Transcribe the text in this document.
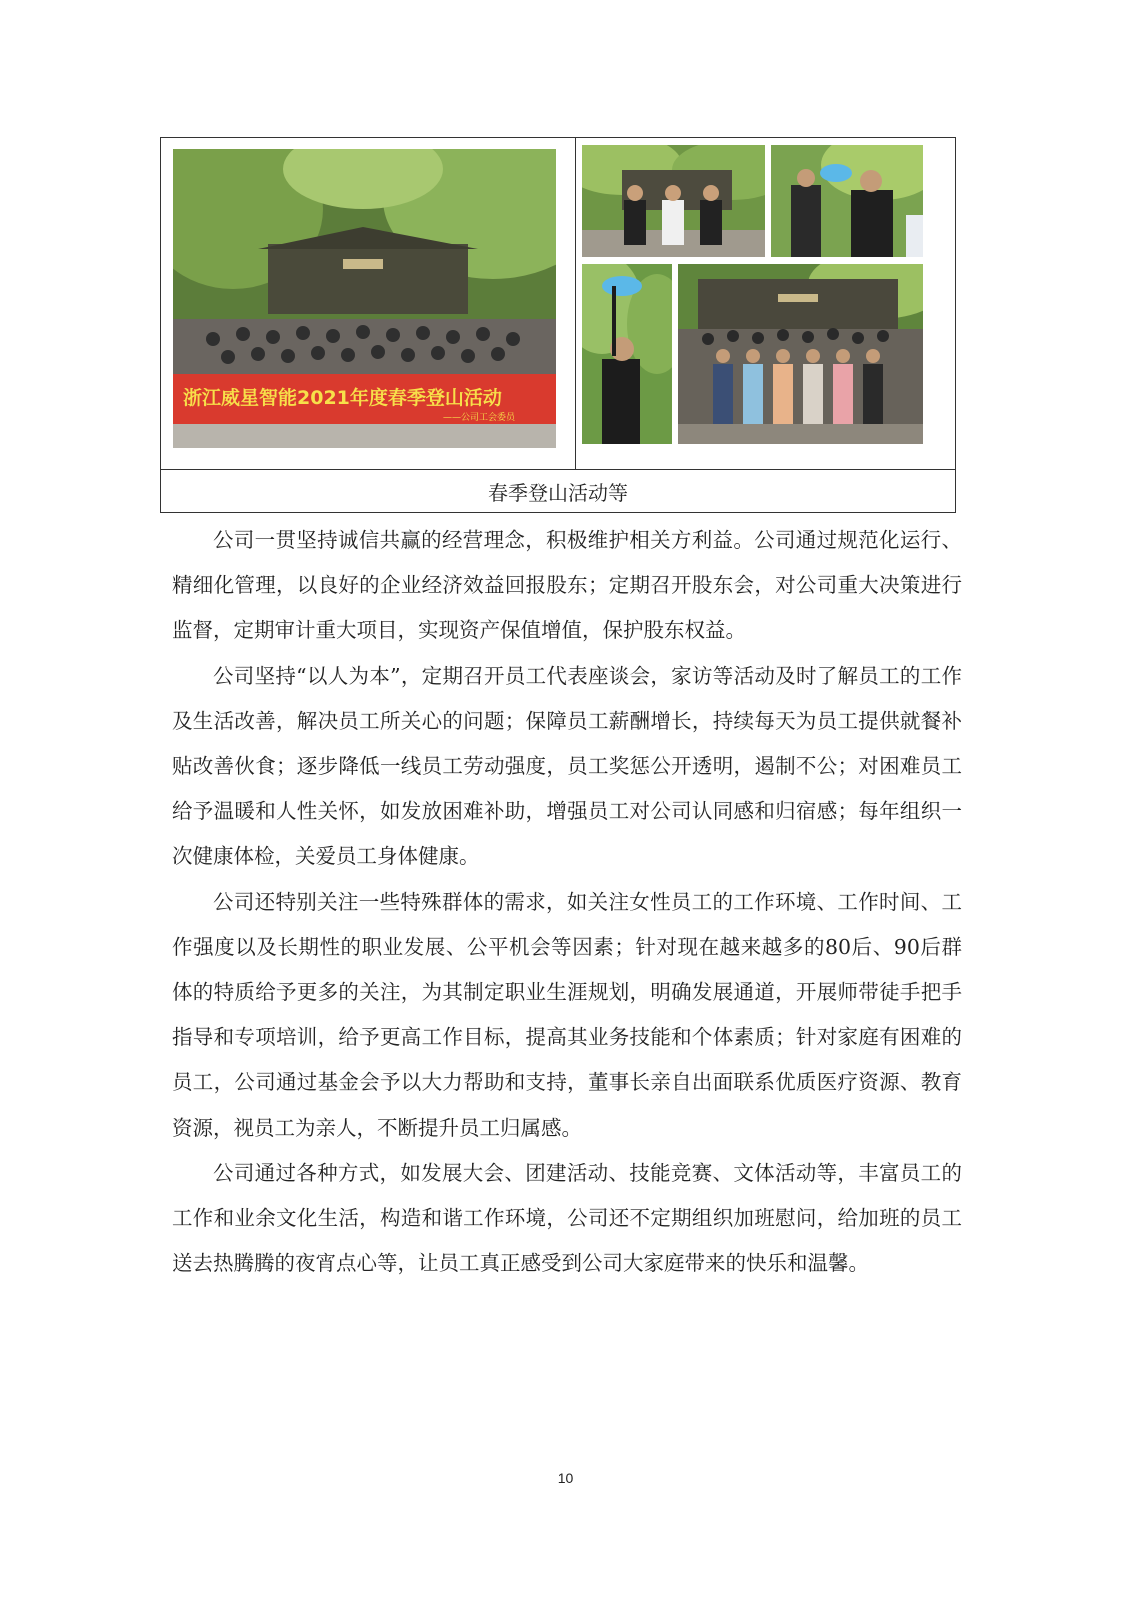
浙江威星智能2021年度春季登山活动
——公司工会委员
春季登山活动等

公司一贯坚持诚信共赢的经营理念，积极维护相关方利益。公司通过规范化运行、精细化管理，以良好的企业经济效益回报股东；定期召开股东会，对公司重大决策进行监督，定期审计重大项目，实现资产保值增值，保护股东权益。

公司坚持“以人为本”，定期召开员工代表座谈会，家访等活动及时了解员工的工作及生活改善，解决员工所关心的问题；保障员工薪酬增长，持续每天为员工提供就餐补贴改善伙食；逐步降低一线员工劳动强度，员工奖惩公开透明，遏制不公；对困难员工给予温暖和人性关怀，如发放困难补助，增强员工对公司认同感和归宿感；每年组织一次健康体检，关爱员工身体健康。

公司还特别关注一些特殊群体的需求，如关注女性员工的工作环境、工作时间、工作强度以及长期性的职业发展、公平机会等因素；针对现在越来越多的80后、90后群体的特质给予更多的关注，为其制定职业生涯规划，明确发展通道，开展师带徒手把手指导和专项培训，给予更高工作目标，提高其业务技能和个体素质；针对家庭有困难的员工，公司通过基金会予以大力帮助和支持，董事长亲自出面联系优质医疗资源、教育资源，视员工为亲人，不断提升员工归属感。

公司通过各种方式，如发展大会、团建活动、技能竞赛、文体活动等，丰富员工的工作和业余文化生活，构造和谐工作环境，公司还不定期组织加班慰问，给加班的员工送去热腾腾的夜宵点心等，让员工真正感受到公司大家庭带来的快乐和温馨。

10
